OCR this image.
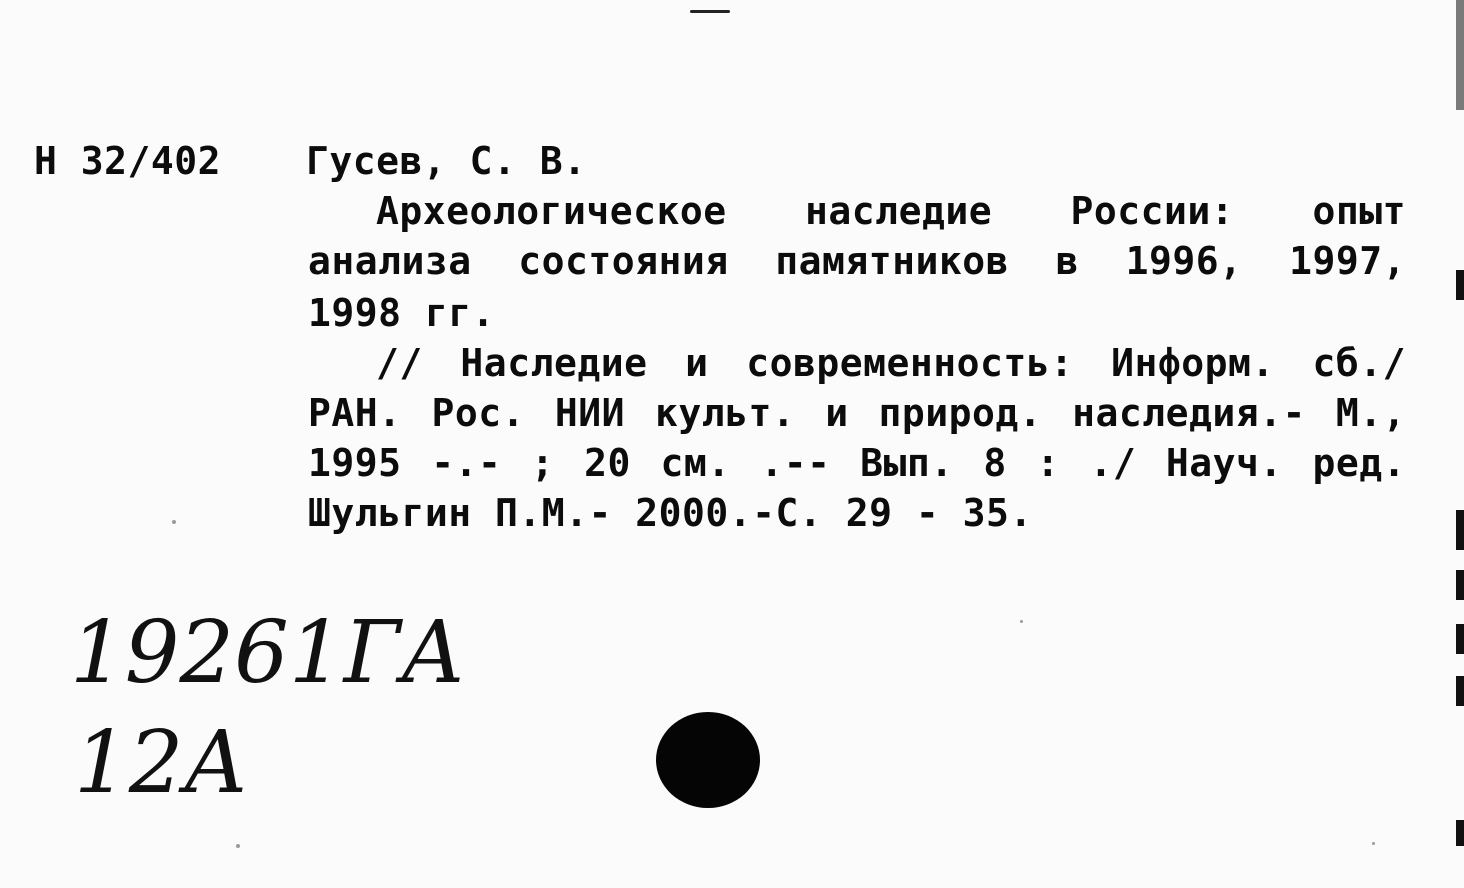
Н 32/402 Гусев, С. В.
Археологическое наследие России: опыт
анализа состояния памятников в 1996, 1997,
1998 гг.
// Наследие и современность: Информ. сб./
РАН. Рос. НИИ культ. и природ. наследия.- М.,
1995 -.- ; 20 см. .-- Вып. 8 : ./ Науч. ред.
Шульгин П.М.- 2000.-С. 29 - 35.
19261ГА
12А
